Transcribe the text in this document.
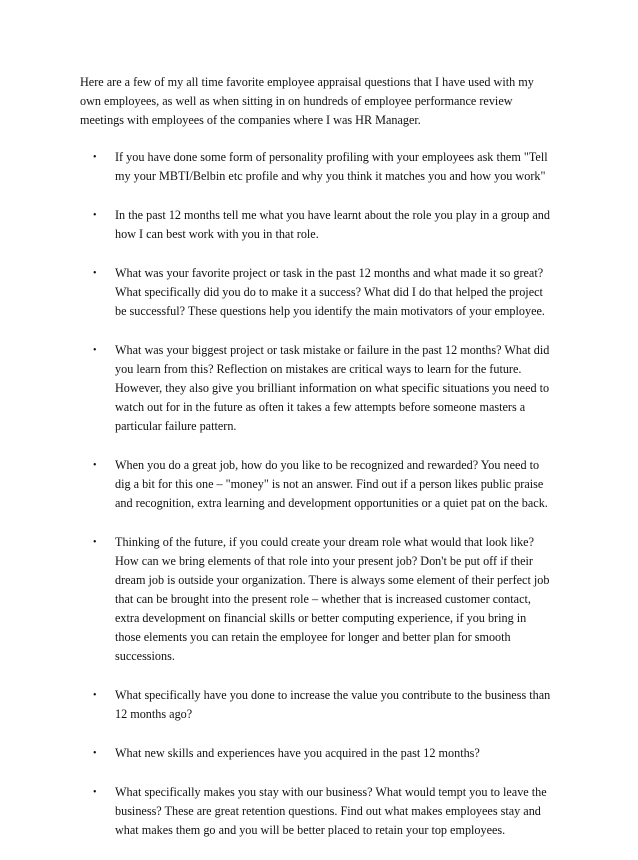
Here are a few of my all time favorite employee appraisal questions that I have used with my
own employees, as well as when sitting in on hundreds of employee performance review
meetings with employees of the companies where I was HR Manager.

• If you have done some form of personality profiling with your employees ask them "Tell
my your MBTI/Belbin etc profile and why you think it matches you and how you work"
• In the past 12 months tell me what you have learnt about the role you play in a group and
how I can best work with you in that role.
• What was your favorite project or task in the past 12 months and what made it so great?
What specifically did you do to make it a success? What did I do that helped the project
be successful? These questions help you identify the main motivators of your employee.
• What was your biggest project or task mistake or failure in the past 12 months? What did
you learn from this? Reflection on mistakes are critical ways to learn for the future.
However, they also give you brilliant information on what specific situations you need to
watch out for in the future as often it takes a few attempts before someone masters a
particular failure pattern.
• When you do a great job, how do you like to be recognized and rewarded? You need to
dig a bit for this one – "money" is not an answer. Find out if a person likes public praise
and recognition, extra learning and development opportunities or a quiet pat on the back.
• Thinking of the future, if you could create your dream role what would that look like?
How can we bring elements of that role into your present job? Don't be put off if their
dream job is outside your organization. There is always some element of their perfect job
that can be brought into the present role – whether that is increased customer contact,
extra development on financial skills or better computing experience, if you bring in
those elements you can retain the employee for longer and better plan for smooth
successions.
• What specifically have you done to increase the value you contribute to the business than
12 months ago?
• What new skills and experiences have you acquired in the past 12 months?
• What specifically makes you stay with our business? What would tempt you to leave the
business? These are great retention questions. Find out what makes employees stay and
what makes them go and you will be better placed to retain your top employees.
